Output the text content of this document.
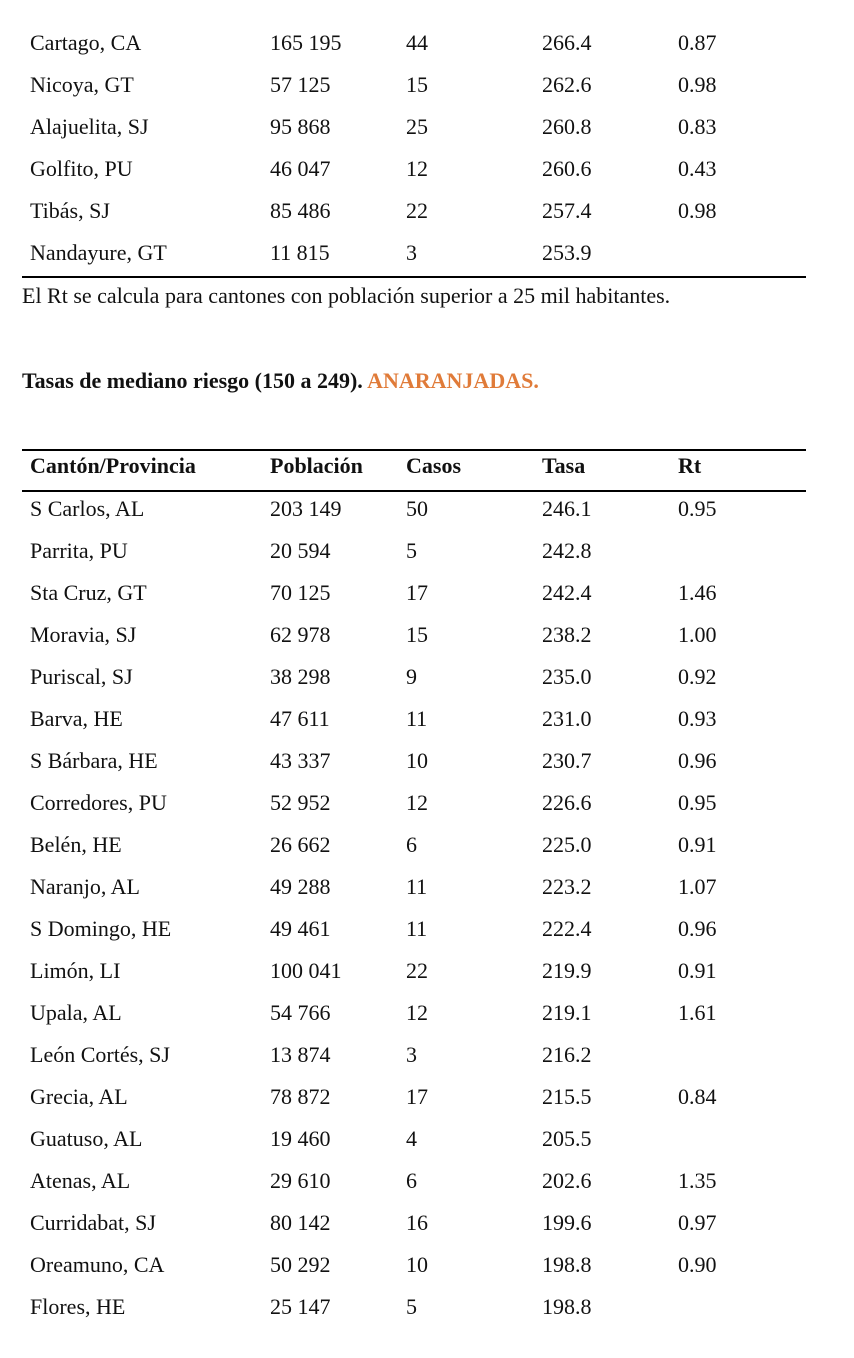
Cartago, CA	165 195	44	266.4	0.87
Nicoya, GT	57 125	15	262.6	0.98
Alajuelita, SJ	95 868	25	260.8	0.83
Golfito, PU	46 047	12	260.6	0.43
Tibás, SJ	85 486	22	257.4	0.98
Nandayure, GT	11 815	3	253.9	
El Rt se calcula para cantones con población superior a 25 mil habitantes.
Tasas de mediano riesgo (150 a 249). ANARANJADAS.
Cantón/Provincia	Población	Casos	Tasa	Rt
S Carlos, AL	203 149	50	246.1	0.95
Parrita, PU	20 594	5	242.8	
Sta Cruz, GT	70 125	17	242.4	1.46
Moravia, SJ	62 978	15	238.2	1.00
Puriscal, SJ	38 298	9	235.0	0.92
Barva, HE	47 611	11	231.0	0.93
S Bárbara, HE	43 337	10	230.7	0.96
Corredores, PU	52 952	12	226.6	0.95
Belén, HE	26 662	6	225.0	0.91
Naranjo, AL	49 288	11	223.2	1.07
S Domingo, HE	49 461	11	222.4	0.96
Limón, LI	100 041	22	219.9	0.91
Upala, AL	54 766	12	219.1	1.61
León Cortés, SJ	13 874	3	216.2	
Grecia, AL	78 872	17	215.5	0.84
Guatuso, AL	19 460	4	205.5	
Atenas, AL	29 610	6	202.6	1.35
Curridabat, SJ	80 142	16	199.6	0.97
Oreamuno, CA	50 292	10	198.8	0.90
Flores, HE	25 147	5	198.8	
